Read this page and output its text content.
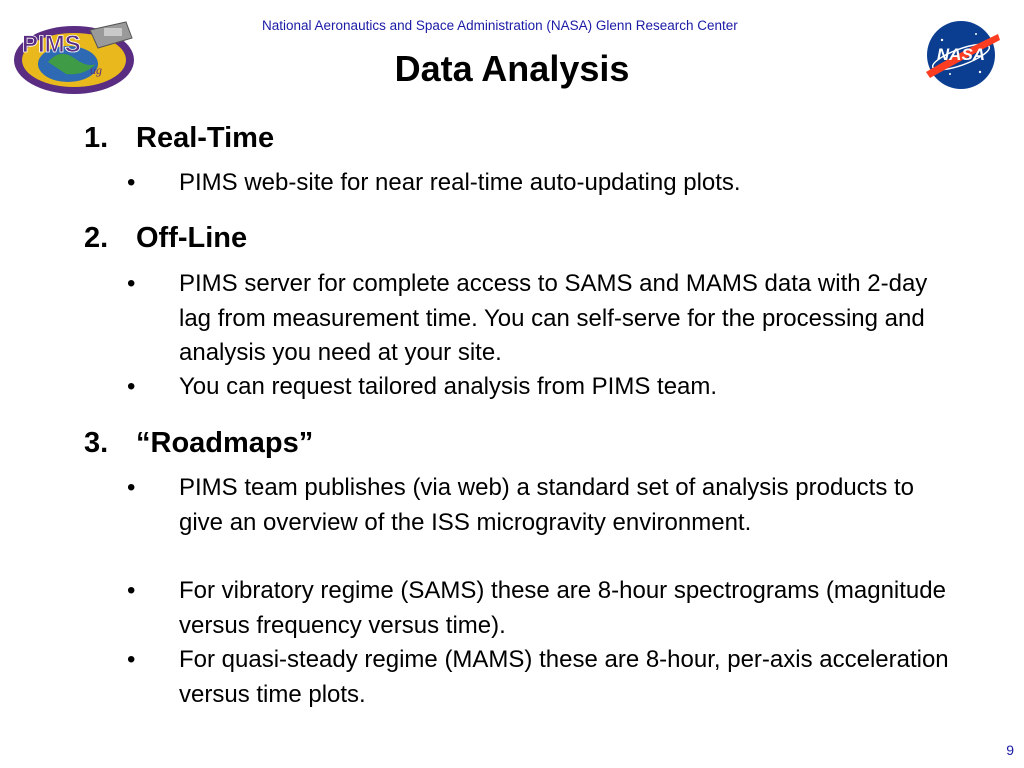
PIMS
ug
National Aeronautics and Space Administration (NASA) Glenn Research Center
Data Analysis	NASA
1. Real-Time
• PIMS web-site for near real-time auto-updating plots.
2. Off-Line
• PIMS server for complete access to SAMS and MAMS data with 2-day lag from measurement time. You can self-serve for the processing and analysis you need at your site.
• You can request tailored analysis from PIMS team.
3. “Roadmaps”
• PIMS team publishes (via web) a standard set of analysis products to give an overview of the ISS microgravity environment.
• For vibratory regime (SAMS) these are 8-hour spectrograms (magnitude versus frequency versus time).
• For quasi-steady regime (MAMS) these are 8-hour, per-axis acceleration versus time plots.
9
